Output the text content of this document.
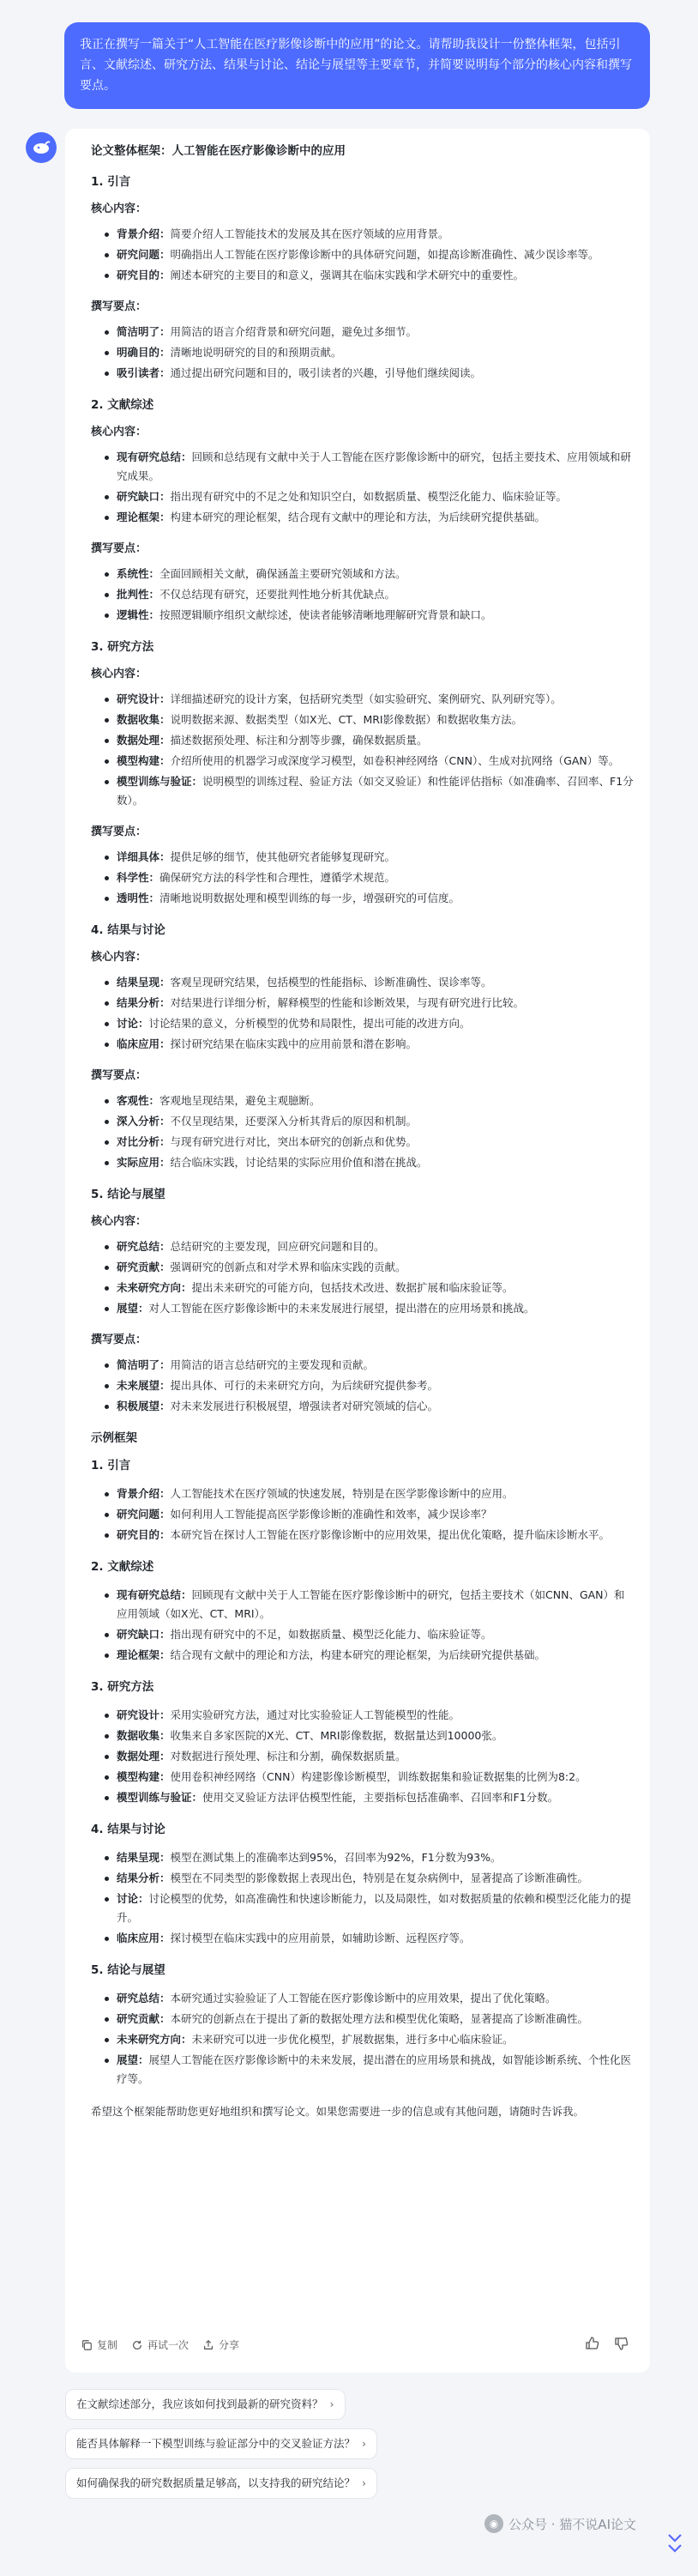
我正在撰写一篇关于“人工智能在医疗影像诊断中的应用”的论文。请帮助我设计一份整体框架，包括引言、文献综述、研究方法、结果与讨论、结论与展望等主要章节，并简要说明每个部分的核心内容和撰写要点。
论文整体框架：人工智能在医疗影像诊断中的应用
1. 引言
核心内容：
背景介绍：简要介绍人工智能技术的发展及其在医疗领域的应用背景。
研究问题：明确指出人工智能在医疗影像诊断中的具体研究问题，如提高诊断准确性、减少误诊率等。
研究目的：阐述本研究的主要目的和意义，强调其在临床实践和学术研究中的重要性。
撰写要点：
简洁明了：用简洁的语言介绍背景和研究问题，避免过多细节。
明确目的：清晰地说明研究的目的和预期贡献。
吸引读者：通过提出研究问题和目的，吸引读者的兴趣，引导他们继续阅读。
2. 文献综述
核心内容：
现有研究总结：回顾和总结现有文献中关于人工智能在医疗影像诊断中的研究，包括主要技术、应用领域和研究成果。
研究缺口：指出现有研究中的不足之处和知识空白，如数据质量、模型泛化能力、临床验证等。
理论框架：构建本研究的理论框架，结合现有文献中的理论和方法，为后续研究提供基础。
撰写要点：
系统性：全面回顾相关文献，确保涵盖主要研究领域和方法。
批判性：不仅总结现有研究，还要批判性地分析其优缺点。
逻辑性：按照逻辑顺序组织文献综述，使读者能够清晰地理解研究背景和缺口。
3. 研究方法
核心内容：
研究设计：详细描述研究的设计方案，包括研究类型（如实验研究、案例研究、队列研究等）。
数据收集：说明数据来源、数据类型（如X光、CT、MRI影像数据）和数据收集方法。
数据处理：描述数据预处理、标注和分割等步骤，确保数据质量。
模型构建：介绍所使用的机器学习或深度学习模型，如卷积神经网络（CNN）、生成对抗网络（GAN）等。
模型训练与验证：说明模型的训练过程、验证方法（如交叉验证）和性能评估指标（如准确率、召回率、F1分数）。
撰写要点：
详细具体：提供足够的细节，使其他研究者能够复现研究。
科学性：确保研究方法的科学性和合理性，遵循学术规范。
透明性：清晰地说明数据处理和模型训练的每一步，增强研究的可信度。
4. 结果与讨论
核心内容：
结果呈现：客观呈现研究结果，包括模型的性能指标、诊断准确性、误诊率等。
结果分析：对结果进行详细分析，解释模型的性能和诊断效果，与现有研究进行比较。
讨论：讨论结果的意义，分析模型的优势和局限性，提出可能的改进方向。
临床应用：探讨研究结果在临床实践中的应用前景和潜在影响。
撰写要点：
客观性：客观地呈现结果，避免主观臆断。
深入分析：不仅呈现结果，还要深入分析其背后的原因和机制。
对比分析：与现有研究进行对比，突出本研究的创新点和优势。
实际应用：结合临床实践，讨论结果的实际应用价值和潜在挑战。
5. 结论与展望
核心内容：
研究总结：总结研究的主要发现，回应研究问题和目的。
研究贡献：强调研究的创新点和对学术界和临床实践的贡献。
未来研究方向：提出未来研究的可能方向，包括技术改进、数据扩展和临床验证等。
展望：对人工智能在医疗影像诊断中的未来发展进行展望，提出潜在的应用场景和挑战。
撰写要点：
简洁明了：用简洁的语言总结研究的主要发现和贡献。
未来展望：提出具体、可行的未来研究方向，为后续研究提供参考。
积极展望：对未来发展进行积极展望，增强读者对研究领域的信心。
示例框架
1. 引言
背景介绍：人工智能技术在医疗领域的快速发展，特别是在医学影像诊断中的应用。
研究问题：如何利用人工智能提高医学影像诊断的准确性和效率，减少误诊率？
研究目的：本研究旨在探讨人工智能在医疗影像诊断中的应用效果，提出优化策略，提升临床诊断水平。
2. 文献综述
现有研究总结：回顾现有文献中关于人工智能在医疗影像诊断中的研究，包括主要技术（如CNN、GAN）和应用领域（如X光、CT、MRI）。
研究缺口：指出现有研究中的不足，如数据质量、模型泛化能力、临床验证等。
理论框架：结合现有文献中的理论和方法，构建本研究的理论框架，为后续研究提供基础。
3. 研究方法
研究设计：采用实验研究方法，通过对比实验验证人工智能模型的性能。
数据收集：收集来自多家医院的X光、CT、MRI影像数据，数据量达到10000张。
数据处理：对数据进行预处理、标注和分割，确保数据质量。
模型构建：使用卷积神经网络（CNN）构建影像诊断模型，训练数据集和验证数据集的比例为8:2。
模型训练与验证：使用交叉验证方法评估模型性能，主要指标包括准确率、召回率和F1分数。
4. 结果与讨论
结果呈现：模型在测试集上的准确率达到95%，召回率为92%，F1分数为93%。
结果分析：模型在不同类型的影像数据上表现出色，特别是在复杂病例中，显著提高了诊断准确性。
讨论：讨论模型的优势，如高准确性和快速诊断能力，以及局限性，如对数据质量的依赖和模型泛化能力的提升。
临床应用：探讨模型在临床实践中的应用前景，如辅助诊断、远程医疗等。
5. 结论与展望
研究总结：本研究通过实验验证了人工智能在医疗影像诊断中的应用效果，提出了优化策略。
研究贡献：本研究的创新点在于提出了新的数据处理方法和模型优化策略，显著提高了诊断准确性。
未来研究方向：未来研究可以进一步优化模型，扩展数据集，进行多中心临床验证。
展望：展望人工智能在医疗影像诊断中的未来发展，提出潜在的应用场景和挑战，如智能诊断系统、个性化医疗等。
希望这个框架能帮助您更好地组织和撰写论文。如果您需要进一步的信息或有其他问题，请随时告诉我。
复制	再试一次	分享
在文献综述部分，我应该如何找到最新的研究资料？ ›
能否具体解释一下模型训练与验证部分中的交叉验证方法？ ›
如何确保我的研究数据质量足够高，以支持我的研究结论？ ›
◉ 公众号 · 猫不说AI论文
